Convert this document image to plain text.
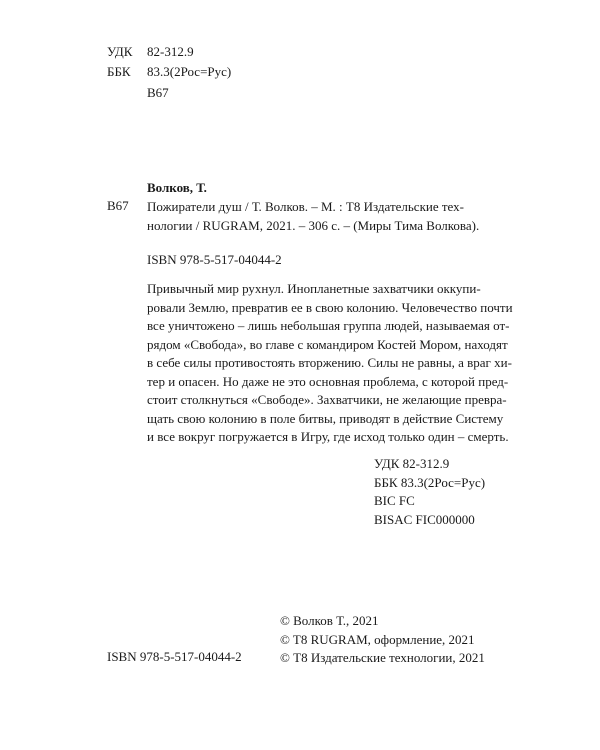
УДК 82-312.9
ББК 83.3(2Рос=Рус)
В67
Волков, Т.
В67 Пожиратели душ / Т. Волков. – М. : Т8 Издательские тех-
нологии / RUGRAM, 2021. – 306 с. – (Миры Тима Волкова).
ISBN 978-5-517-04044-2
Привычный мир рухнул. Инопланетные захватчики оккупи-
ровали Землю, превратив ее в свою колонию. Человечество почти
все уничтожено – лишь небольшая группа людей, называемая от-
рядом «Свобода», во главе с командиром Костей Мором, находят
в себе силы противостоять вторжению. Силы не равны, а враг хи-
тер и опасен. Но даже не это основная проблема, с которой пред-
стоит столкнуться «Свободе». Захватчики, не желающие превра-
щать свою колонию в поле битвы, приводят в действие Систему
и все вокруг погружается в Игру, где исход только один – смерть.
УДК 82-312.9
ББК 83.3(2Рос=Рус)
BIC FC
BISAC FIC000000
ISBN 978-5-517-04044-2
© Волков Т., 2021
© T8 RUGRAM, оформление, 2021
© Т8 Издательские технологии, 2021
